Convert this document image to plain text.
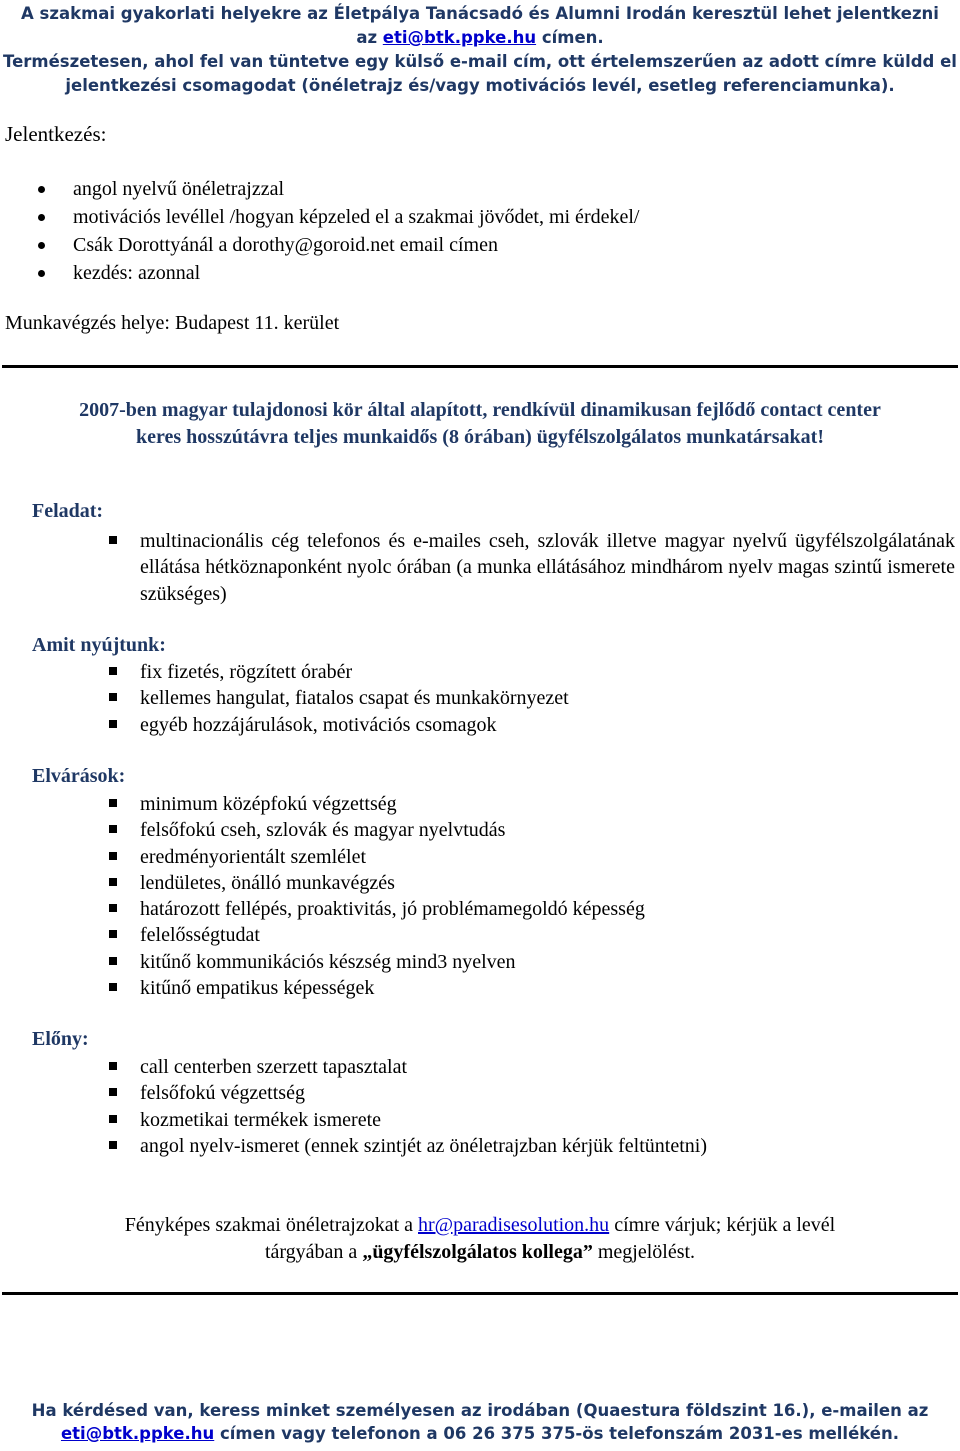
A szakmai gyakorlati helyekre az Életpálya Tanácsadó és Alumni Irodán keresztül lehet jelentkezni
az eti@btk.ppke.hu címen.
Természetesen, ahol fel van tüntetve egy külső e-mail cím, ott értelemszerűen az adott címre küldd el
jelentkezési csomagodat (önéletrajz és/vagy motivációs levél, esetleg referenciamunka).
Jelentkezés:
angol nyelvű önéletrajzzal
motivációs levéllel /hogyan képzeled el a szakmai jövődet, mi érdekel/
Csák Dorottyánál a dorothy@goroid.net email címen
kezdés: azonnal
Munkavégzés helye: Budapest 11. kerület
2007-ben magyar tulajdonosi kör által alapított, rendkívül dinamikusan fejlődő contact center
keres hosszútávra teljes munkaidős (8 órában) ügyfélszolgálatos munkatársakat!
Feladat:
multinacionális cég telefonos és e-mailes cseh, szlovák illetve magyar nyelvű ügyfélszolgálatának ellátása hétköznaponként nyolc órában (a munka ellátásához mindhárom nyelv magas szintű ismerete szükséges)
Amit nyújtunk:
fix fizetés, rögzített órabér
kellemes hangulat, fiatalos csapat és munkakörnyezet
egyéb hozzájárulások, motivációs csomagok
Elvárások:
minimum középfokú végzettség
felsőfokú cseh, szlovák és magyar nyelvtudás
eredményorientált szemlélet
lendületes, önálló munkavégzés
határozott fellépés, proaktivitás, jó problémamegoldó képesség
felelősségtudat
kitűnő kommunikációs készség mind3 nyelven
kitűnő empatikus képességek
Előny:
call centerben szerzett tapasztalat
felsőfokú végzettség
kozmetikai termékek ismerete
angol nyelv-ismeret (ennek szintjét az önéletrajzban kérjük feltüntetni)
Fényképes szakmai önéletrajzokat a hr@paradisesolution.hu címre várjuk; kérjük a levél
tárgyában a „ügyfélszolgálatos kollega” megjelölést.
Ha kérdésed van, keress minket személyesen az irodában (Quaestura földszint 16.), e-mailen az
eti@btk.ppke.hu címen vagy telefonon a 06 26 375 375-ös telefonszám 2031-es mellékén.
